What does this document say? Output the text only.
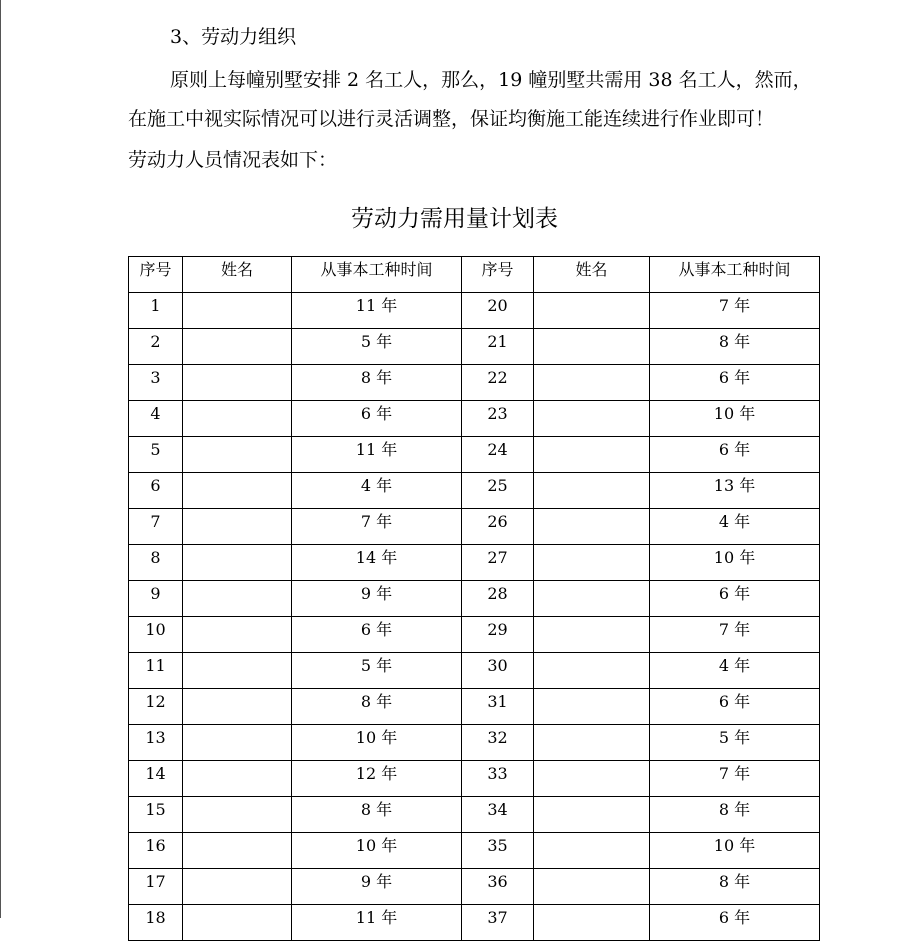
3、劳动力组织
原则上每幢别墅安排 2 名工人，那么，19 幢别墅共需用 38 名工人，然而，
在施工中视实际情况可以进行灵活调整，保证均衡施工能连续进行作业即可！
劳动力人员情况表如下：
劳动力需用量计划表
序号	姓名	从事本工种时间	序号	姓名	从事本工种时间
1		11 年	20		7 年
2		5 年	21		8 年
3		8 年	22		6 年
4		6 年	23		10 年
5		11 年	24		6 年
6		4 年	25		13 年
7		7 年	26		4 年
8		14 年	27		10 年
9		9 年	28		6 年
10		6 年	29		7 年
11		5 年	30		4 年
12		8 年	31		6 年
13		10 年	32		5 年
14		12 年	33		7 年
15		8 年	34		8 年
16		10 年	35		10 年
17		9 年	36		8 年
18		11 年	37		6 年
